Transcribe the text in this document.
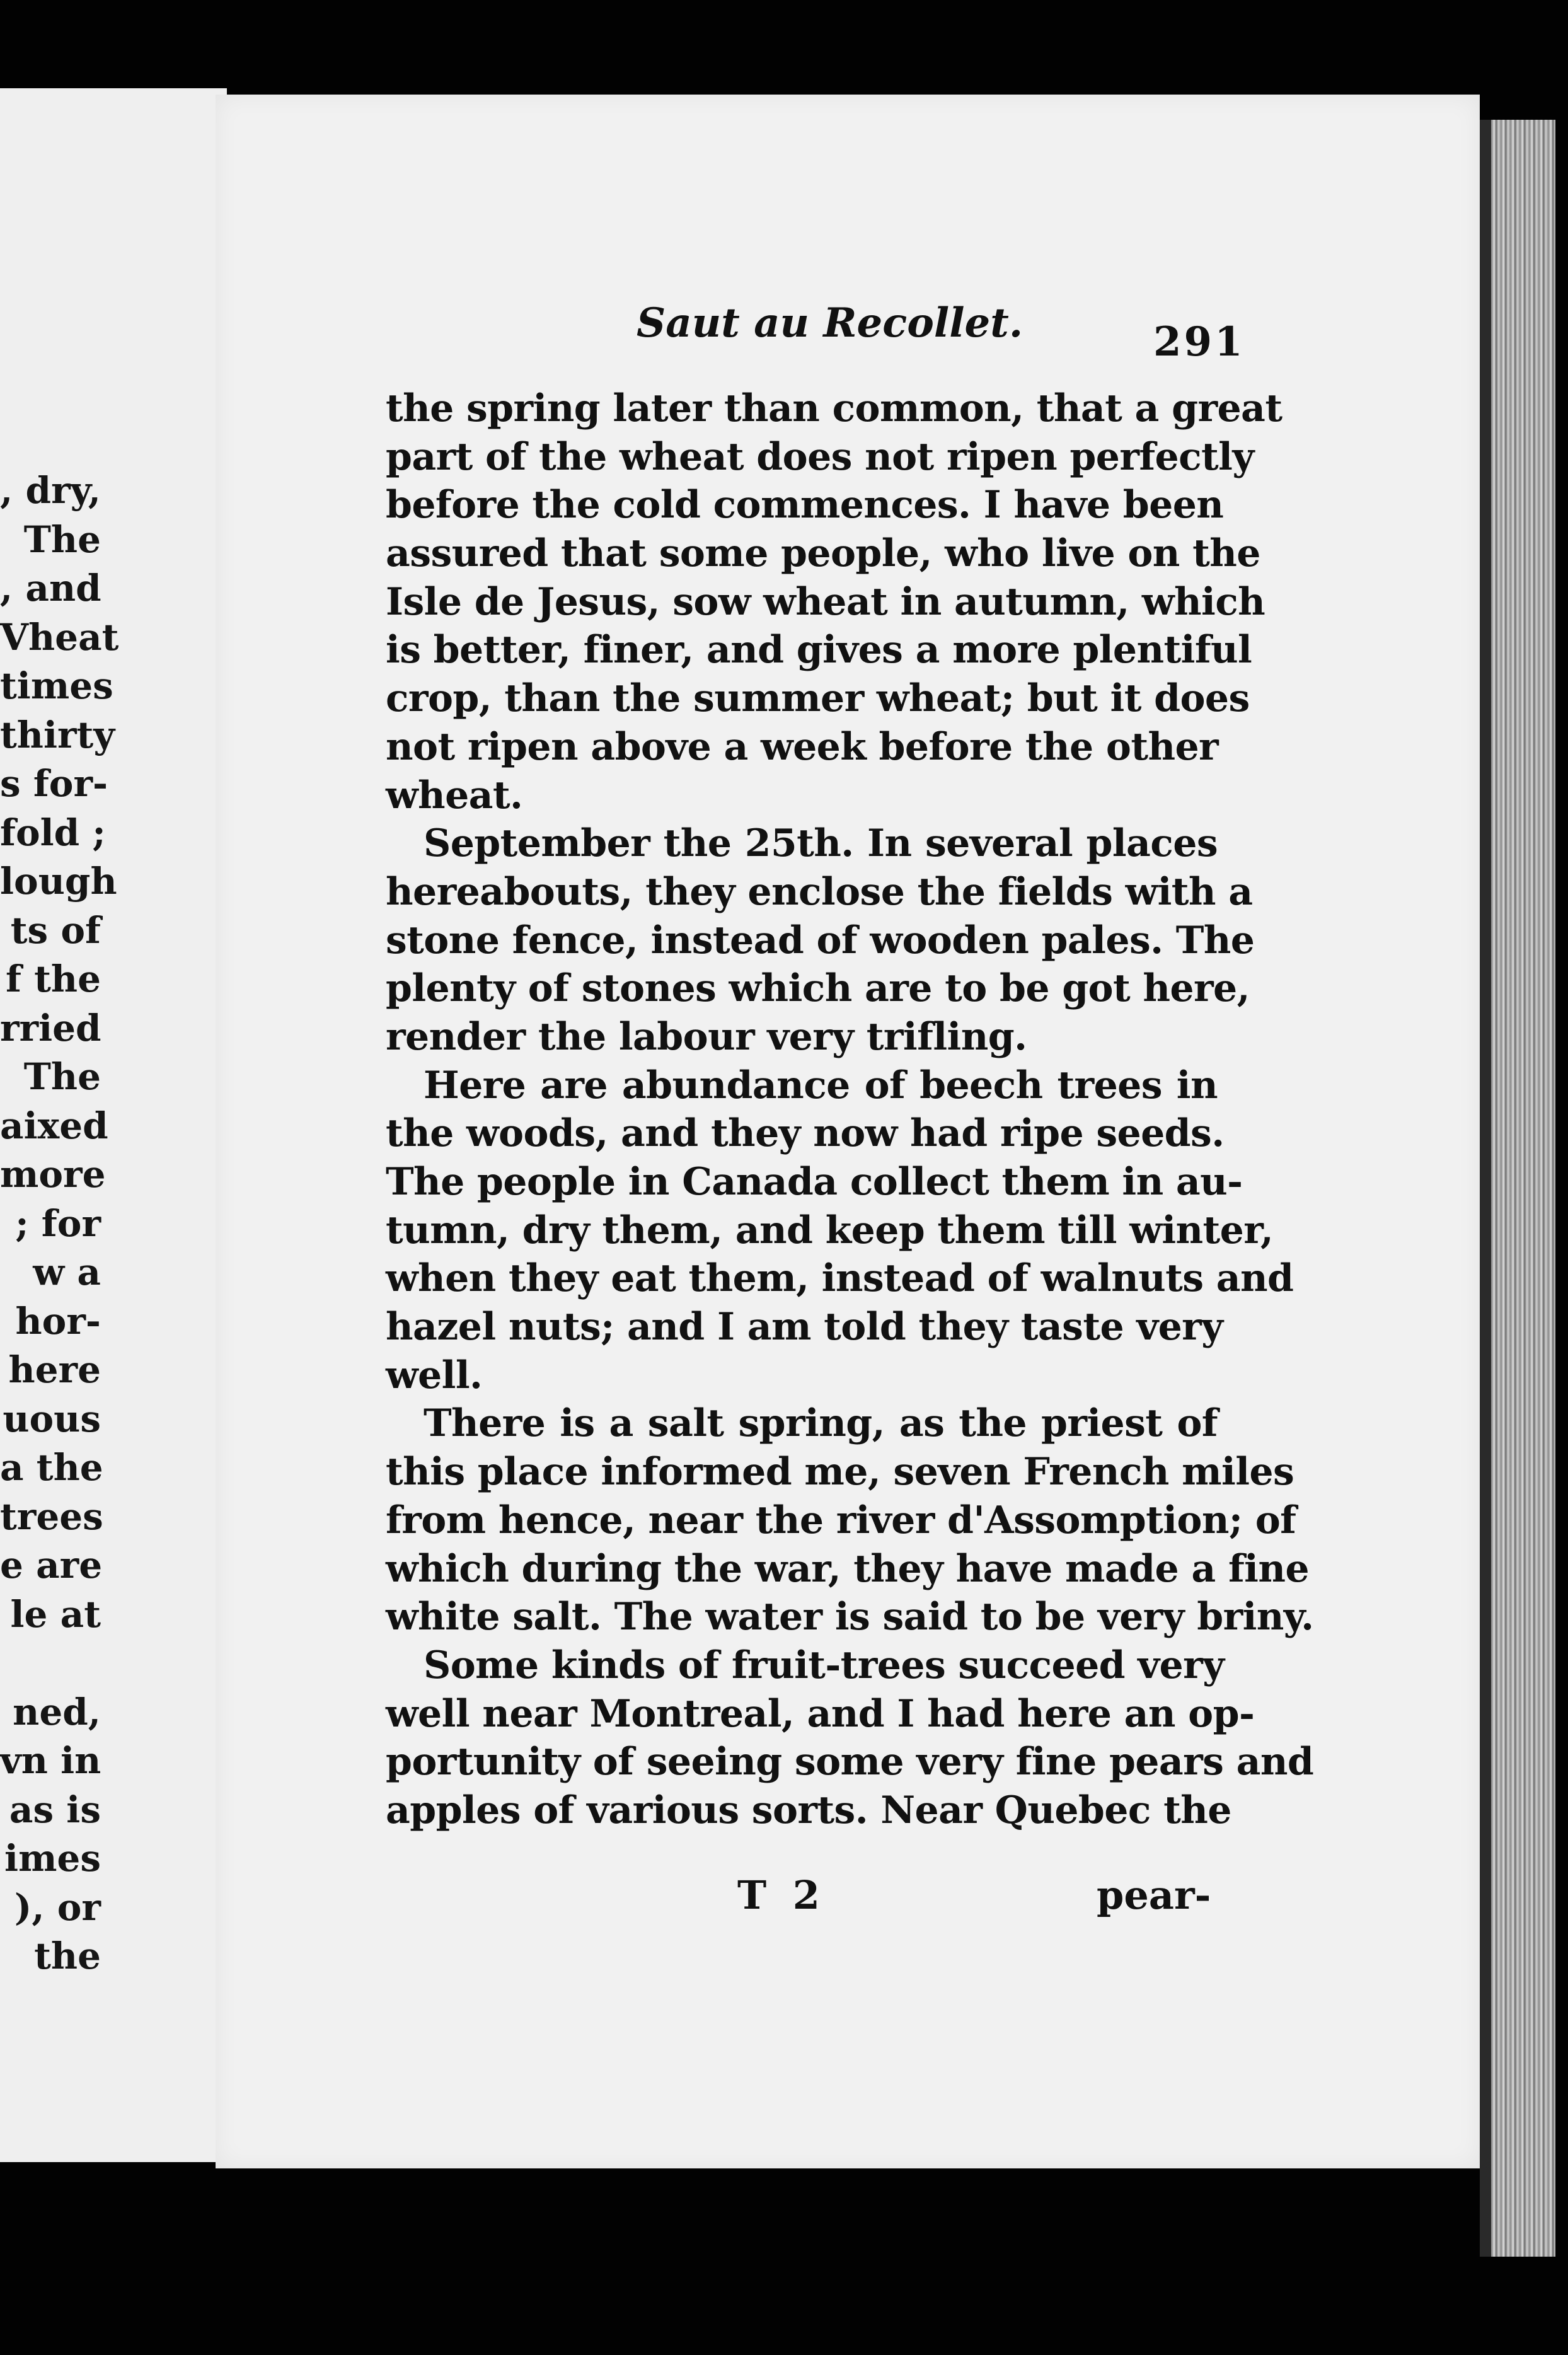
, dry,
The
, and
Vheat
times
thirty
s for-
fold ;
lough
ts of
f the
rried
The
aixed
more
; for
w a
hor-
here
uous
a the
trees
e are
le at
ned,
vn in
as is
imes
), or
the
Saut au Recollet.	291
the spring later than common, that a great
part of the wheat does not ripen perfectly
before the cold commences. I have been
assured that some people, who live on the
Isle de Jesus, sow wheat in autumn, which
is better, finer, and gives a more plentiful
crop, than the summer wheat; but it does
not ripen above a week before the other
wheat.
September the 25th. In several places
hereabouts, they enclose the fields with a
stone fence, instead of wooden pales. The
plenty of stones which are to be got here,
render the labour very trifling.
Here are abundance of beech trees in
the woods, and they now had ripe seeds.
The people in Canada collect them in au-
tumn, dry them, and keep them till winter,
when they eat them, instead of walnuts and
hazel nuts; and I am told they taste very
well.
There is a salt spring, as the priest of
this place informed me, seven French miles
from hence, near the river d'Assomption; of
which during the war, they have made a fine
white salt. The water is said to be very briny.
Some kinds of fruit-trees succeed very
well near Montreal, and I had here an op-
portunity of seeing some very fine pears and
apples of various sorts. Near Quebec the
T 2	pear-
